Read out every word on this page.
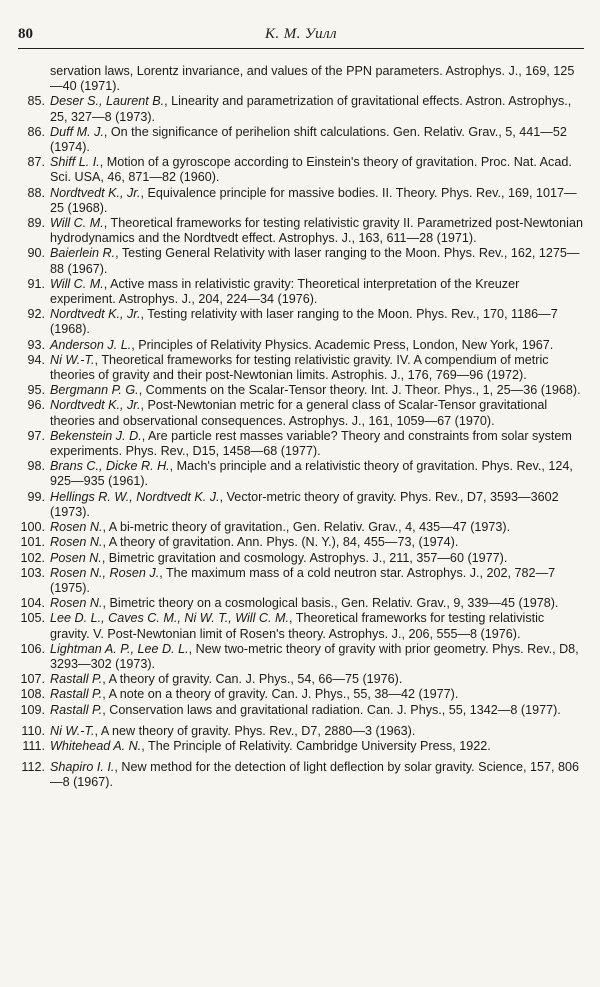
80	К. М. Уилл
servation laws, Lorentz invariance, and values of the PPN parameters. Astrophys. J., 169, 125—40 (1971).
85. Deser S., Laurent B., Linearity and parametrization of gravitational effects. Astron. Astrophys., 25, 327—8 (1973).
86. Duff M. J., On the significance of perihelion shift calculations. Gen. Relativ. Grav., 5, 441—52 (1974).
87. Shiff L. I., Motion of a gyroscope according to Einstein's theory of gravitation. Proc. Nat. Acad. Sci. USA, 46, 871—82 (1960).
88. Nordtvedt K., Jr., Equivalence principle for massive bodies. II. Theory. Phys. Rev., 169, 1017—25 (1968).
89. Will C. M., Theoretical frameworks for testing relativistic gravity II. Parametrized post-Newtonian hydrodynamics and the Nordtvedt effect. Astrophys. J., 163, 611—28 (1971).
90. Baierlein R., Testing General Relativity with laser ranging to the Moon. Phys. Rev., 162, 1275—88 (1967).
91. Will C. M., Active mass in relativistic gravity: Theoretical interpretation of the Kreuzer experiment. Astrophys. J., 204, 224—34 (1976).
92. Nordtvedt K., Jr., Testing relativity with laser ranging to the Moon. Phys. Rev., 170, 1186—7 (1968).
93. Anderson J. L., Principles of Relativity Physics. Academic Press, London, New York, 1967.
94. Ni W.-T., Theoretical frameworks for testing relativistic gravity. IV. A compendium of metric theories of gravity and their post-Newtonian limits. Astrophis. J., 176, 769—96 (1972).
95. Bergmann P. G., Comments on the Scalar-Tensor theory. Int. J. Theor. Phys., 1, 25—36 (1968).
96. Nordtvedt K., Jr., Post-Newtonian metric for a general class of Scalar-Tensor gravitational theories and observational consequences. Astrophys. J., 161, 1059—67 (1970).
97. Bekenstein J. D., Are particle rest masses variable? Theory and constraints from solar system experiments. Phys. Rev., D15, 1458—68 (1977).
98. Brans C., Dicke R. H., Mach's principle and a relativistic theory of gravitation. Phys. Rev., 124, 925—935 (1961).
99. Hellings R. W., Nordtvedt K. J., Vector-metric theory of gravity. Phys. Rev., D7, 3593—3602 (1973).
100. Rosen N., A bi-metric theory of gravitation., Gen. Relativ. Grav., 4, 435—47 (1973).
101. Rosen N., A theory of gravitation. Ann. Phys. (N. Y.), 84, 455—73, (1974).
102. Posen N., Bimetric gravitation and cosmology. Astrophys. J., 211, 357—60 (1977).
103. Rosen N., Rosen J., The maximum mass of a cold neutron star. Astrophys. J., 202, 782—7 (1975).
104. Rosen N., Bimetric theory on a cosmological basis., Gen. Relativ. Grav., 9, 339—45 (1978).
105. Lee D. L., Caves C. M., Ni W. T., Will C. M., Theoretical frameworks for testing relativistic gravity. V. Post-Newtonian limit of Rosen's theory. Astrophys. J., 206, 555—8 (1976).
106. Lightman A. P., Lee D. L., New two-metric theory of gravity with prior geometry. Phys. Rev., D8, 3293—302 (1973).
107. Rastall P., A theory of gravity. Can. J. Phys., 54, 66—75 (1976).
108. Rastall P., A note on a theory of gravity. Can. J. Phys., 55, 38—42 (1977).
109. Rastall P., Conservation laws and gravitational radiation. Can. J. Phys., 55, 1342—8 (1977).
110. Ni W.-T., A new theory of gravity. Phys. Rev., D7, 2880—3 (1963).
111. Whitehead A. N., The Principle of Relativity. Cambridge University Press, 1922.
112. Shapiro I. I., New method for the detection of light deflection by solar gravity. Science, 157, 806—8 (1967).
